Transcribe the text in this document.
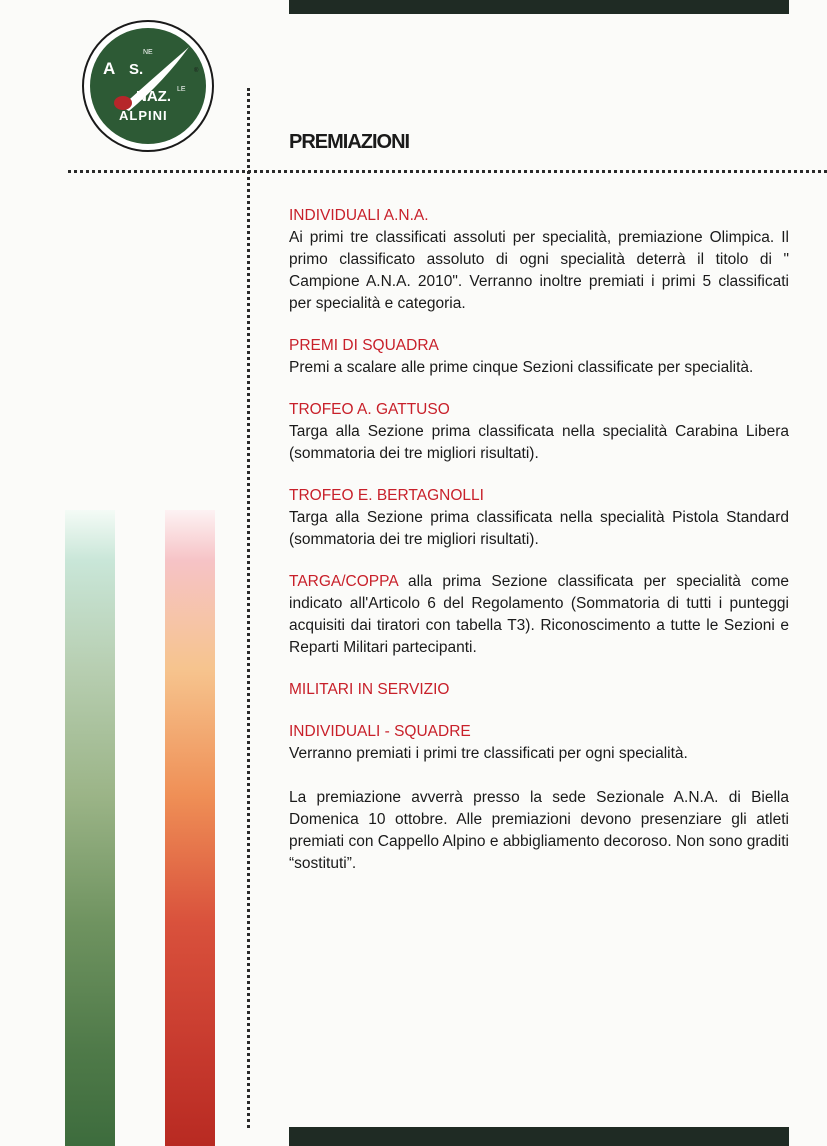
A S.
NE
NAZ. LE
ALPINI
®
PREMIAZIONI
INDIVIDUALI A.N.A.
Ai primi tre classificati assoluti per specialità, premiazione Olimpica. Il primo classificato assoluto di ogni specialità deterrà il titolo di " Campione A.N.A. 2010". Verranno inoltre premiati i primi 5 classificati per specialità e categoria.
PREMI DI SQUADRA
Premi a scalare alle prime cinque Sezioni classificate per specialità.
TROFEO A. GATTUSO
Targa alla Sezione prima classificata nella specialità Carabina Libera (sommatoria dei tre migliori risultati).
TROFEO E. BERTAGNOLLI
Targa alla Sezione prima classificata nella specialità Pistola Standard (sommatoria dei tre migliori risultati).

TARGA/COPPA alla prima Sezione classificata per specialità come indicato all'Articolo 6 del Regolamento (Sommatoria di tutti i punteggi acquisiti dai tiratori con tabella T3). Riconoscimento a tutte le Sezioni e Reparti Militari partecipanti.

MILITARI IN SERVIZIO
INDIVIDUALI - SQUADRE
Verranno premiati i primi tre classificati per ogni specialità.
La premiazione avverrà presso la sede Sezionale A.N.A. di Biella Domenica 10 ottobre. Alle premiazioni devono presenziare gli atleti premiati con Cappello Alpino e abbigliamento decoroso. Non sono graditi “sostituti”.
